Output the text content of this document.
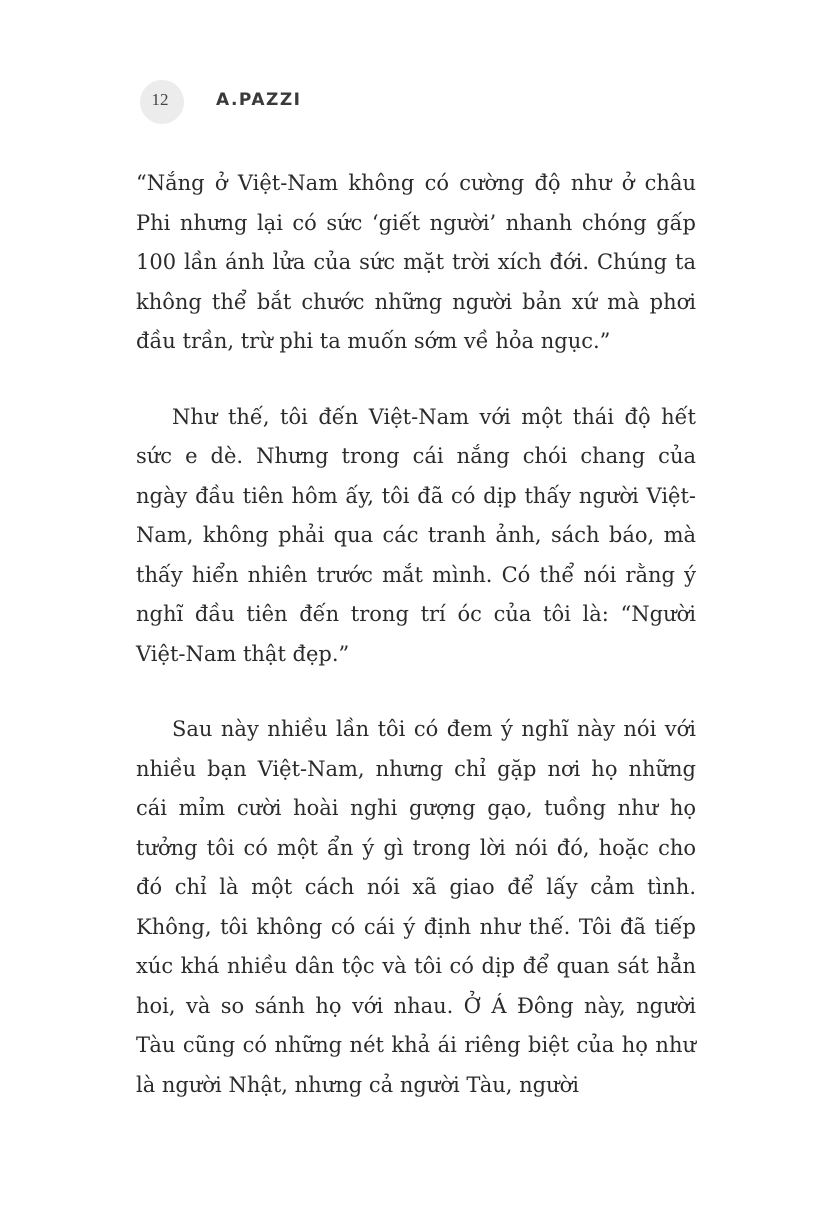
12	A.PAZZI

“Nắng ở Việt-Nam không có cường độ như ở châu Phi nhưng lại có sức ‘giết người’ nhanh chóng gấp 100 lần ánh lửa của sức mặt trời xích đới. Chúng ta không thể bắt chước những người bản xứ mà phơi đầu trần, trừ phi ta muốn sớm về hỏa ngục.”

Như thế, tôi đến Việt-Nam với một thái độ hết sức e dè. Nhưng trong cái nắng chói chang của ngày đầu tiên hôm ấy, tôi đã có dịp thấy người Việt-Nam, không phải qua các tranh ảnh, sách báo, mà thấy hiển nhiên trước mắt mình. Có thể nói rằng ý nghĩ đầu tiên đến trong trí óc của tôi là: “Người Việt-Nam thật đẹp.”

Sau này nhiều lần tôi có đem ý nghĩ này nói với nhiều bạn Việt-Nam, nhưng chỉ gặp nơi họ những cái mỉm cười hoài nghi gượng gạo, tuồng như họ tưởng tôi có một ẩn ý gì trong lời nói đó, hoặc cho đó chỉ là một cách nói xã giao để lấy cảm tình. Không, tôi không có cái ý định như thế. Tôi đã tiếp xúc khá nhiều dân tộc và tôi có dịp để quan sát hẳn hoi, và so sánh họ với nhau. Ở Á Đông này, người Tàu cũng có những nét khả ái riêng biệt của họ như là người Nhật, nhưng cả người Tàu, người
